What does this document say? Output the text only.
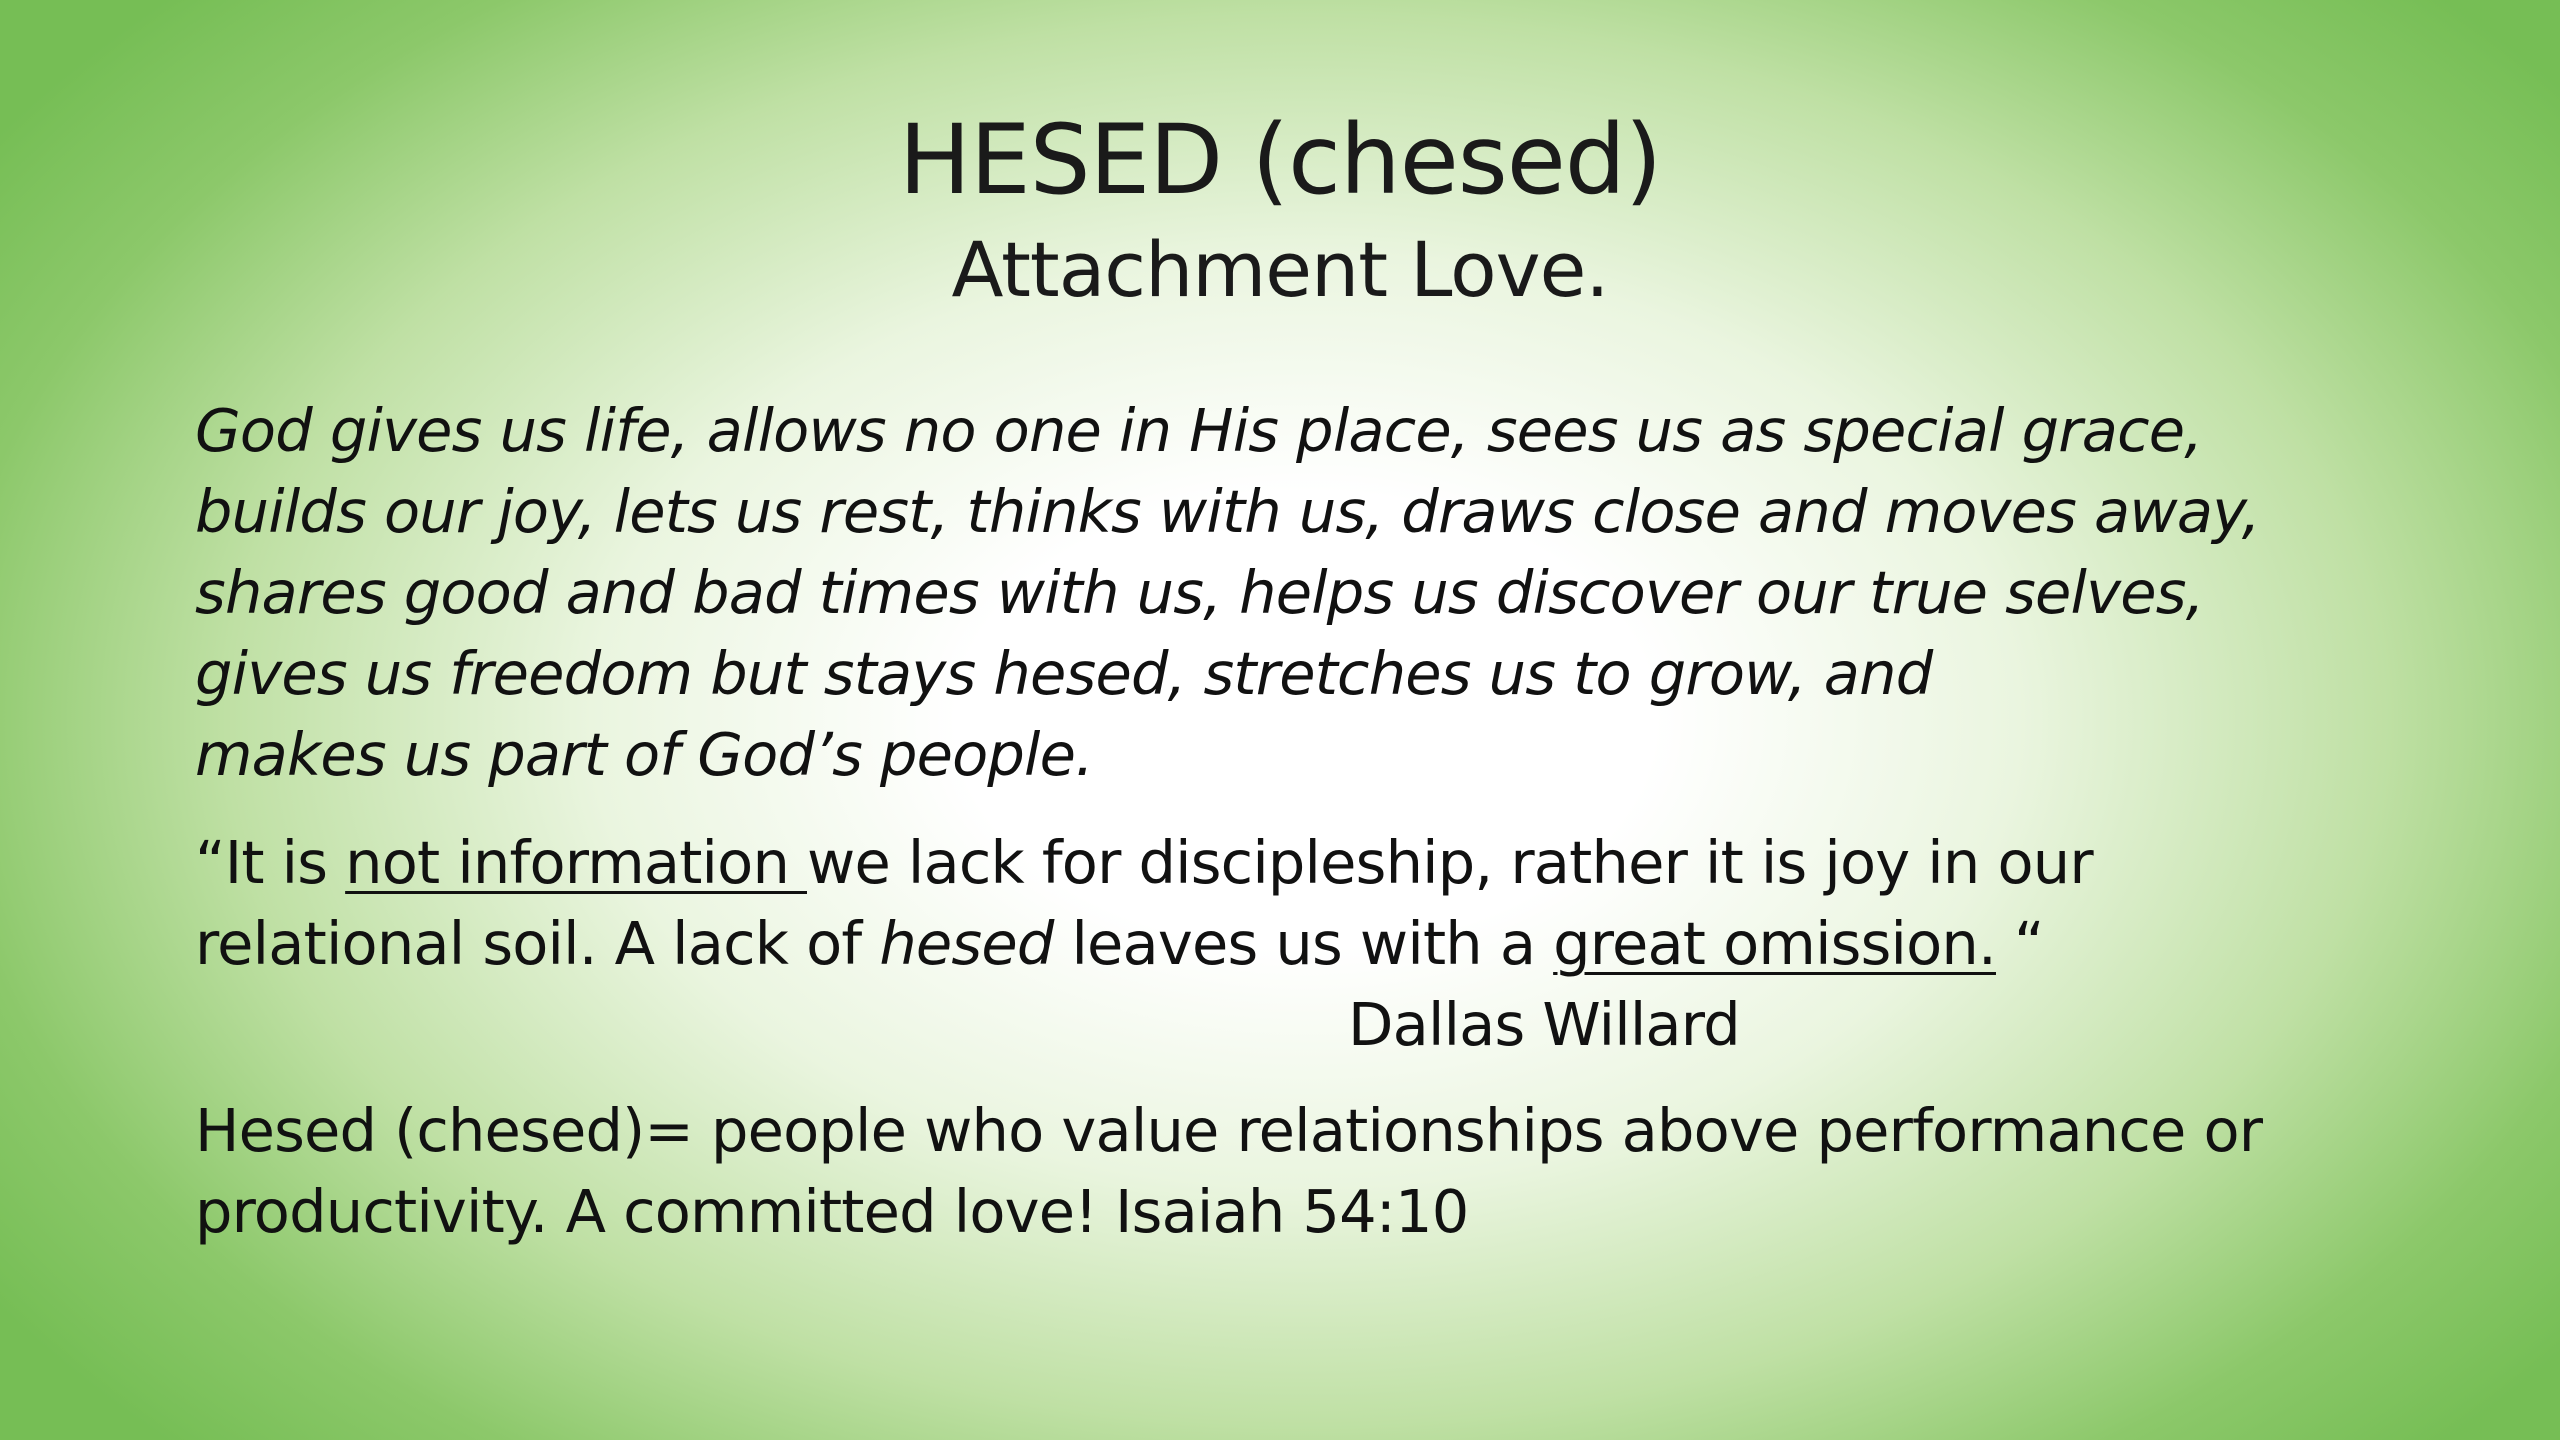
HESED (chesed)
Attachment Love.
God gives us life, allows no one in His place, sees us as special grace,
builds our joy, lets us rest, thinks with us, draws close and moves away,
shares good and bad times with us, helps us discover our true selves,
gives us freedom but stays hesed, stretches us to grow, and
makes us part of God’s people.
“It is not information we lack for discipleship, rather it is joy in our
relational soil. A lack of hesed leaves us with a great omission. “
Dallas Willard
Hesed (chesed)= people who value relationships above performance or
productivity. A committed love! Isaiah 54:10
